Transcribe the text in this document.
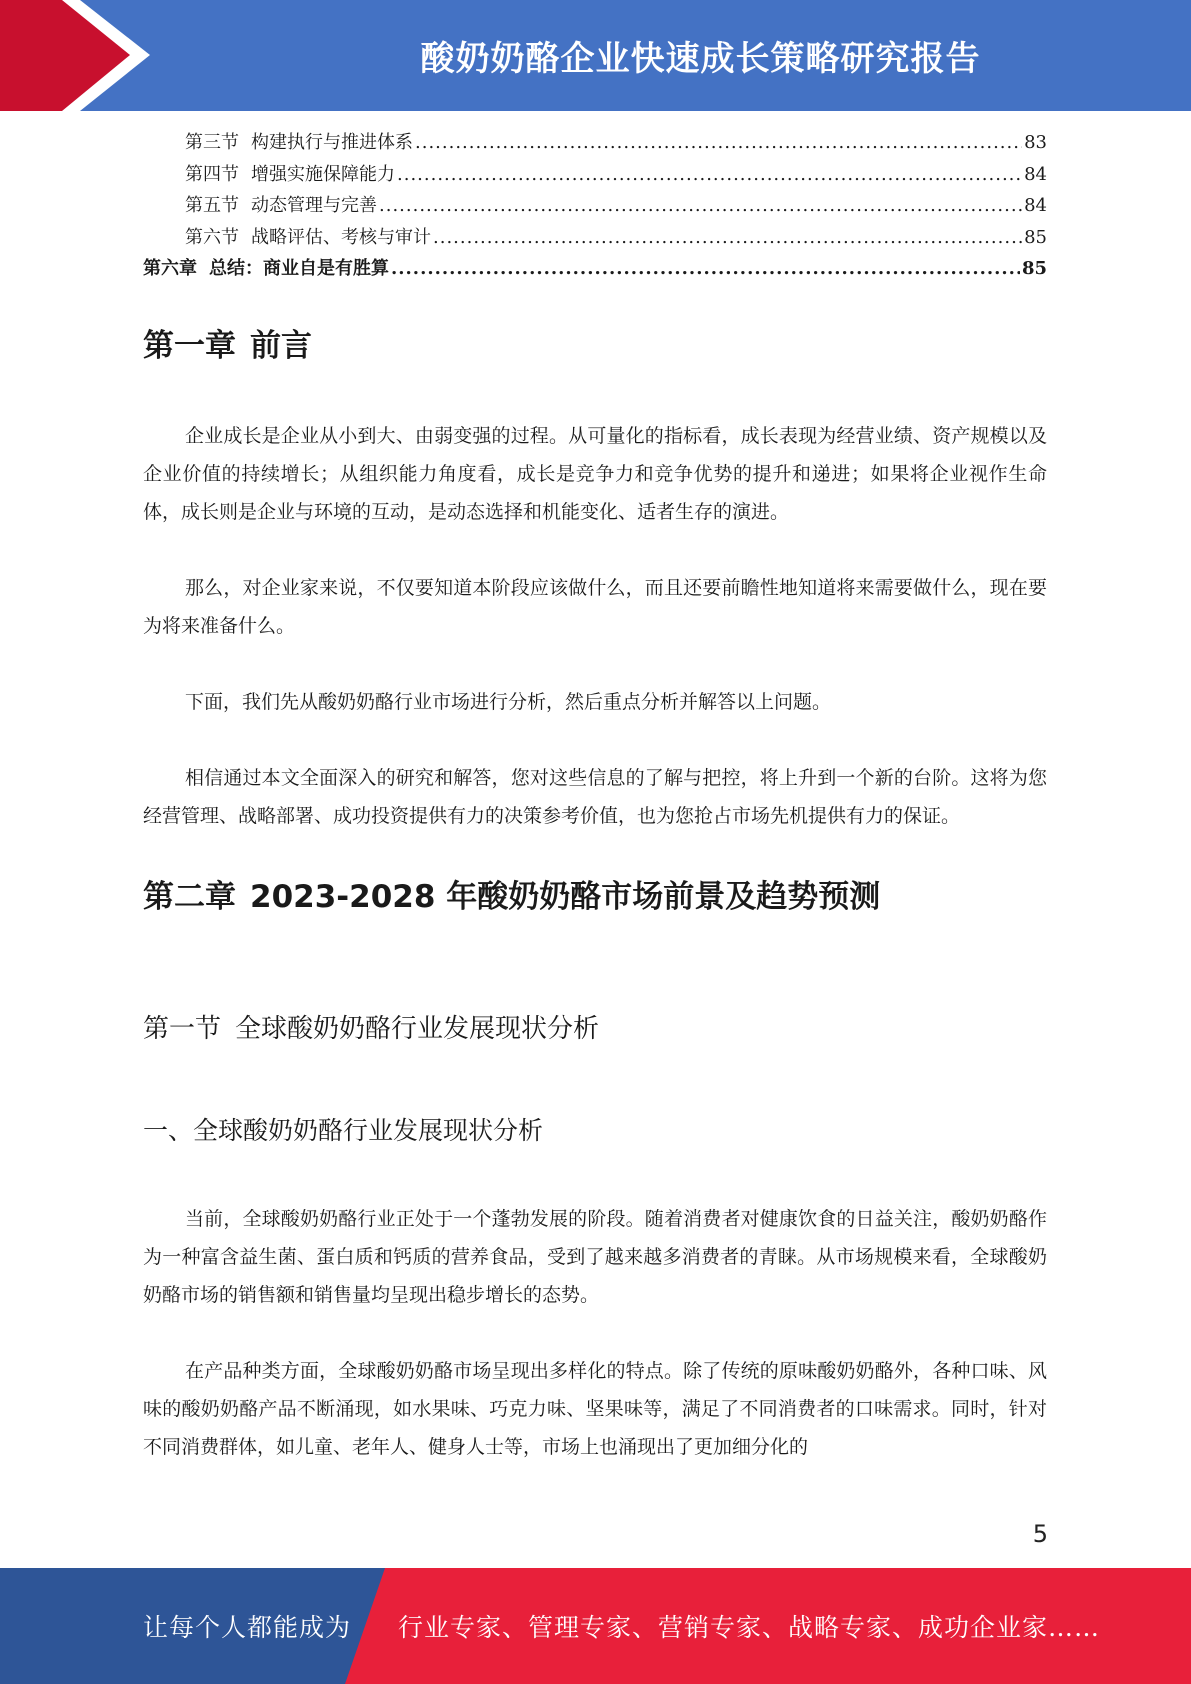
酸奶奶酪企业快速成长策略研究报告
第三节 构建执行与推进体系 .....	83
第四节 增强实施保障能力 .....	84
第五节 动态管理与完善 .....	84
第六节 战略评估、考核与审计 .....	85
第六章 总结：商业自是有胜算 .....	85
第一章 前言

企业成长是企业从小到大、由弱变强的过程。从可量化的指标看，成长表现为经营业绩、资产规模以及企业价值的持续增长；从组织能力角度看，成长是竞争力和竞争优势的提升和递进；如果将企业视作生命体，成长则是企业与环境的互动，是动态选择和机能变化、适者生存的演进。

那么，对企业家来说，不仅要知道本阶段应该做什么，而且还要前瞻性地知道将来需要做什么，现在要为将来准备什么。

下面，我们先从酸奶奶酪行业市场进行分析，然后重点分析并解答以上问题。

相信通过本文全面深入的研究和解答，您对这些信息的了解与把控，将上升到一个新的台阶。这将为您经营管理、战略部署、成功投资提供有力的决策参考价值，也为您抢占市场先机提供有力的保证。

第二章 2023-2028 年酸奶奶酪市场前景及趋势预测
第一节 全球酸奶奶酪行业发展现状分析
一、全球酸奶奶酪行业发展现状分析

当前，全球酸奶奶酪行业正处于一个蓬勃发展的阶段。随着消费者对健康饮食的日益关注，酸奶奶酪作为一种富含益生菌、蛋白质和钙质的营养食品，受到了越来越多消费者的青睐。从市场规模来看，全球酸奶奶酪市场的销售额和销售量均呈现出稳步增长的态势。

在产品种类方面，全球酸奶奶酪市场呈现出多样化的特点。除了传统的原味酸奶奶酪外，各种口味、风味的酸奶奶酪产品不断涌现，如水果味、巧克力味、坚果味等，满足了不同消费者的口味需求。同时，针对不同消费群体，如儿童、老年人、健身人士等，市场上也涌现出了更加细分化的

5
让每个人都能成为 行业专家、管理专家、营销专家、战略专家、成功企业家……
